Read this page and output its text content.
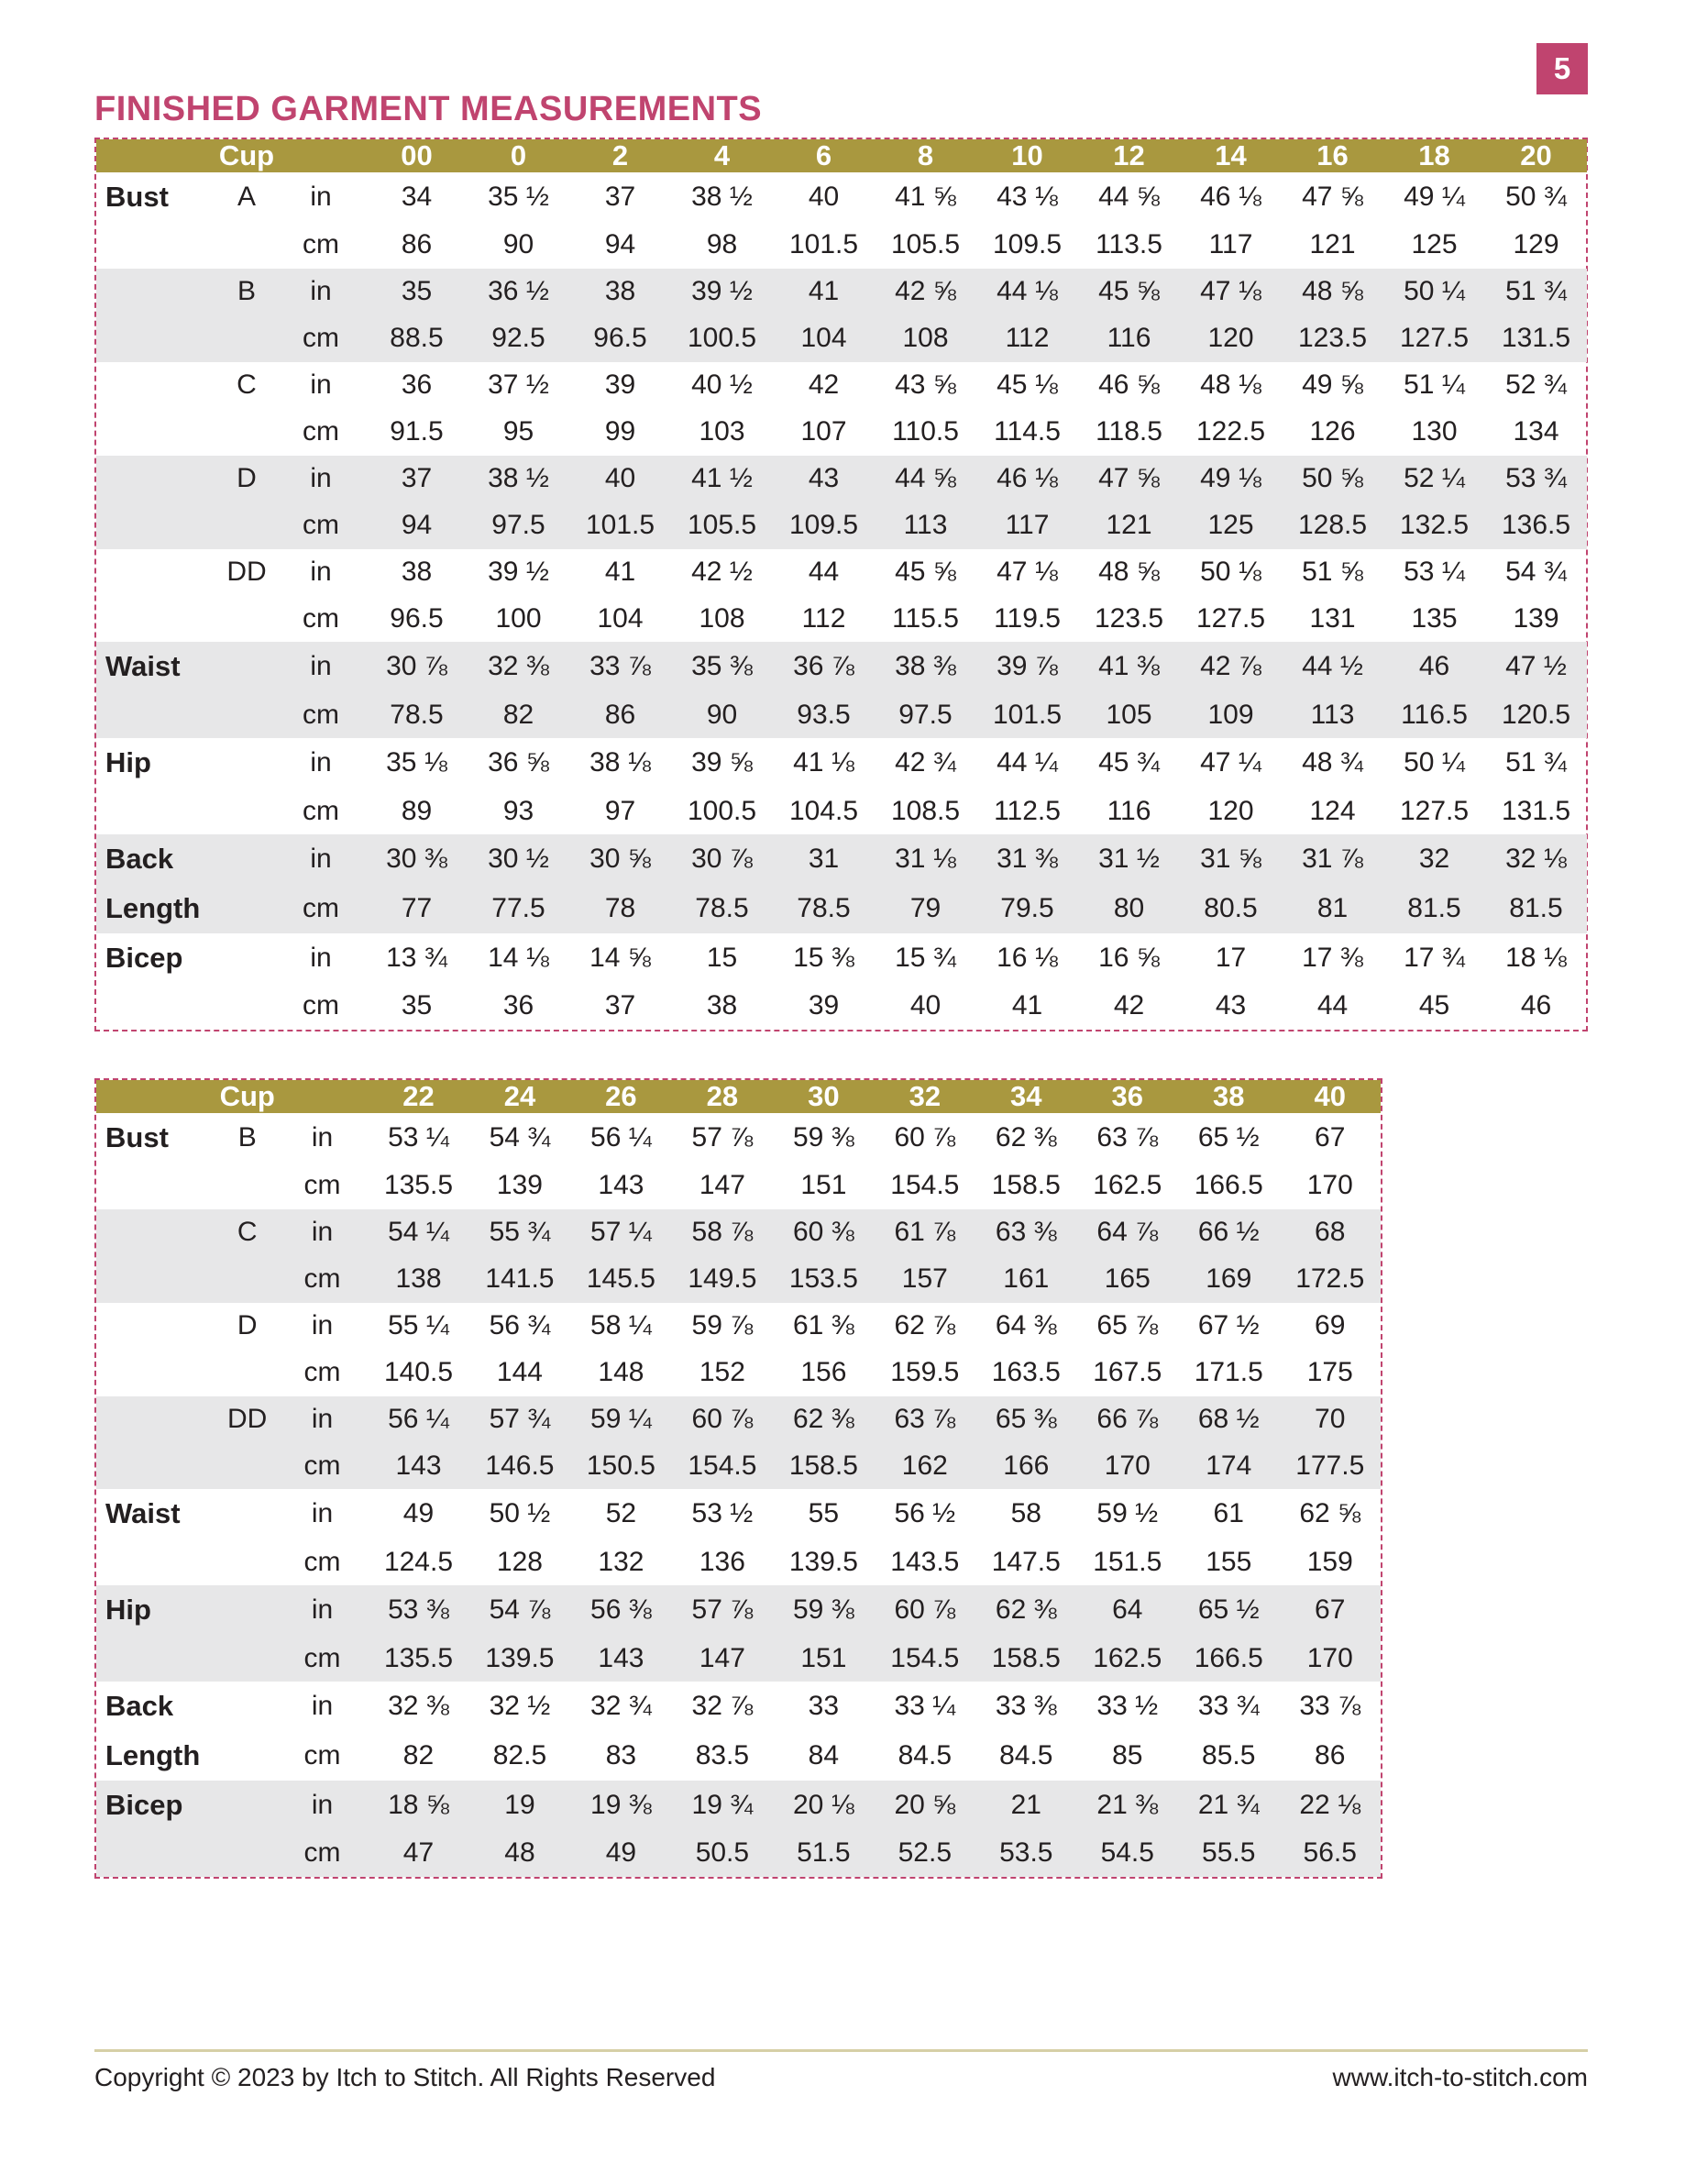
5
FINISHED GARMENT MEASUREMENTS
	Cup		00	0	2	4	6	8	10	12	14	16	18	20
Bust	A	in	34	35 ½	37	38 ½	40	41 ⅝	43 ⅛	44 ⅝	46 ⅛	47 ⅝	49 ¼	50 ¾
		cm	86	90	94	98	101.5	105.5	109.5	113.5	117	121	125	129
	B	in	35	36 ½	38	39 ½	41	42 ⅝	44 ⅛	45 ⅝	47 ⅛	48 ⅝	50 ¼	51 ¾
		cm	88.5	92.5	96.5	100.5	104	108	112	116	120	123.5	127.5	131.5
	C	in	36	37 ½	39	40 ½	42	43 ⅝	45 ⅛	46 ⅝	48 ⅛	49 ⅝	51 ¼	52 ¾
		cm	91.5	95	99	103	107	110.5	114.5	118.5	122.5	126	130	134
	D	in	37	38 ½	40	41 ½	43	44 ⅝	46 ⅛	47 ⅝	49 ⅛	50 ⅝	52 ¼	53 ¾
		cm	94	97.5	101.5	105.5	109.5	113	117	121	125	128.5	132.5	136.5
	DD	in	38	39 ½	41	42 ½	44	45 ⅝	47 ⅛	48 ⅝	50 ⅛	51 ⅝	53 ¼	54 ¾
		cm	96.5	100	104	108	112	115.5	119.5	123.5	127.5	131	135	139
Waist		in	30 ⅞	32 ⅜	33 ⅞	35 ⅜	36 ⅞	38 ⅜	39 ⅞	41 ⅜	42 ⅞	44 ½	46	47 ½
		cm	78.5	82	86	90	93.5	97.5	101.5	105	109	113	116.5	120.5
Hip		in	35 ⅛	36 ⅝	38 ⅛	39 ⅝	41 ⅛	42 ¾	44 ¼	45 ¾	47 ¼	48 ¾	50 ¼	51 ¾
		cm	89	93	97	100.5	104.5	108.5	112.5	116	120	124	127.5	131.5
Back		in	30 ⅜	30 ½	30 ⅝	30 ⅞	31	31 ⅛	31 ⅜	31 ½	31 ⅝	31 ⅞	32	32 ⅛
Length		cm	77	77.5	78	78.5	78.5	79	79.5	80	80.5	81	81.5	81.5
Bicep		in	13 ¾	14 ⅛	14 ⅝	15	15 ⅜	15 ¾	16 ⅛	16 ⅝	17	17 ⅜	17 ¾	18 ⅛
		cm	35	36	37	38	39	40	41	42	43	44	45	46
	Cup		22	24	26	28	30	32	34	36	38	40
Bust	B	in	53 ¼	54 ¾	56 ¼	57 ⅞	59 ⅜	60 ⅞	62 ⅜	63 ⅞	65 ½	67
		cm	135.5	139	143	147	151	154.5	158.5	162.5	166.5	170
	C	in	54 ¼	55 ¾	57 ¼	58 ⅞	60 ⅜	61 ⅞	63 ⅜	64 ⅞	66 ½	68
		cm	138	141.5	145.5	149.5	153.5	157	161	165	169	172.5
	D	in	55 ¼	56 ¾	58 ¼	59 ⅞	61 ⅜	62 ⅞	64 ⅜	65 ⅞	67 ½	69
		cm	140.5	144	148	152	156	159.5	163.5	167.5	171.5	175
	DD	in	56 ¼	57 ¾	59 ¼	60 ⅞	62 ⅜	63 ⅞	65 ⅜	66 ⅞	68 ½	70
		cm	143	146.5	150.5	154.5	158.5	162	166	170	174	177.5
Waist		in	49	50 ½	52	53 ½	55	56 ½	58	59 ½	61	62 ⅝
		cm	124.5	128	132	136	139.5	143.5	147.5	151.5	155	159
Hip		in	53 ⅜	54 ⅞	56 ⅜	57 ⅞	59 ⅜	60 ⅞	62 ⅜	64	65 ½	67
		cm	135.5	139.5	143	147	151	154.5	158.5	162.5	166.5	170
Back		in	32 ⅜	32 ½	32 ¾	32 ⅞	33	33 ¼	33 ⅜	33 ½	33 ¾	33 ⅞
Length		cm	82	82.5	83	83.5	84	84.5	84.5	85	85.5	86
Bicep		in	18 ⅝	19	19 ⅜	19 ¾	20 ⅛	20 ⅝	21	21 ⅜	21 ¾	22 ⅛
		cm	47	48	49	50.5	51.5	52.5	53.5	54.5	55.5	56.5
Copyright © 2023 by Itch to Stitch. All Rights Reserved	www.itch-to-stitch.com
